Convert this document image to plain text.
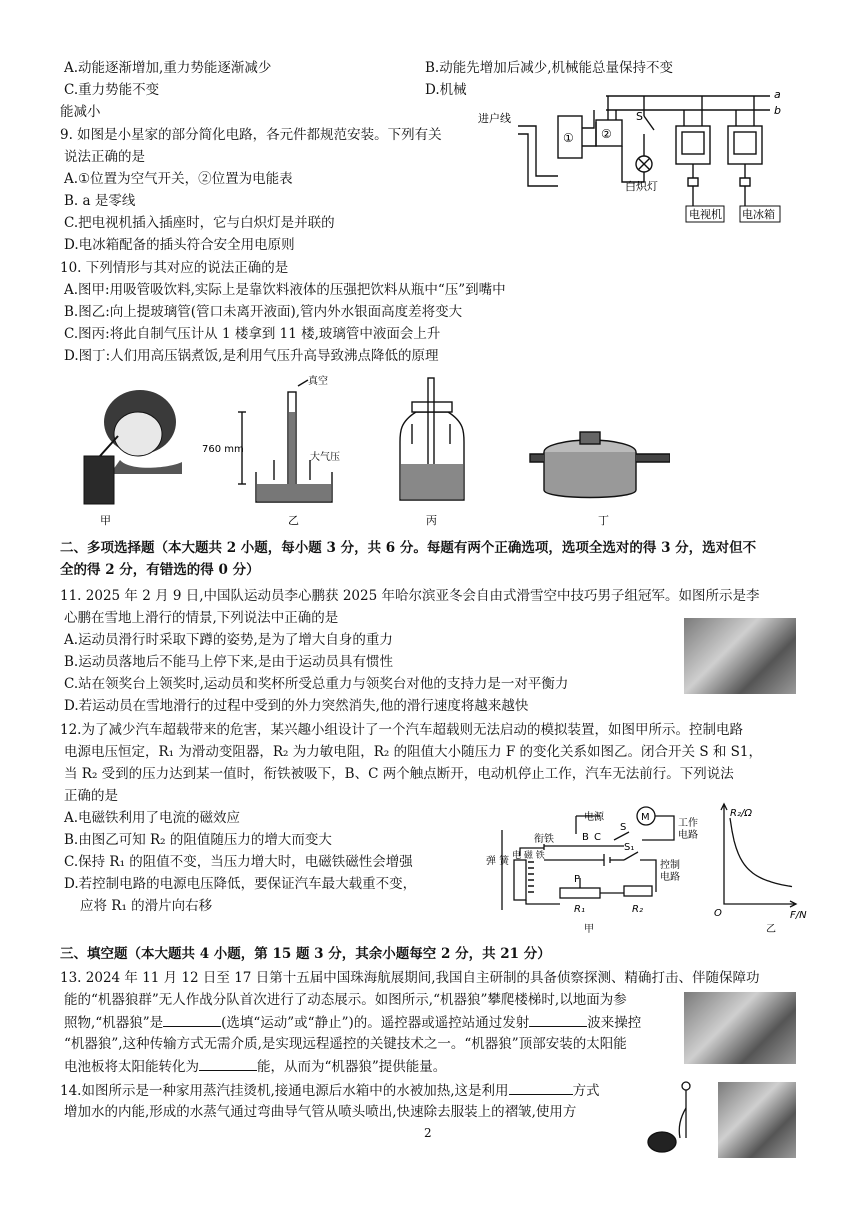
A.动能逐渐增加,重力势能逐渐减少	B.动能先增加后减少,机械能总量保持不变
C.重力势能不变	D.机械
能减小
9. 如图是小星家的部分简化电路，各元件都规范安装。下列有关
说法正确的是
A.①位置为空气开关，②位置为电能表
B. a 是零线
C.把电视机插入插座时，它与白炽灯是并联的
D.电冰箱配备的插头符合安全用电原则
进户线
① ②
S
白炽灯
a
b
电视机 电冰箱
10. 下列情形与其对应的说法正确的是
A.图甲:用吸管吸饮料,实际上是靠饮料液体的压强把饮料从瓶中“压”到嘴中
B.图乙:向上提玻璃管(管口未离开液面),管内外水银面高度差将变大
C.图丙:将此自制气压计从 1 楼拿到 11 楼,玻璃管中液面会上升
D.图丁:人们用高压锅煮饭,是利用气压升高导致沸点降低的原理
甲
真空
760 mm
大气压
乙	丙	丁
二、多项选择题（本大题共 2 小题，每小题 3 分，共 6 分。每题有两个正确选项，选项全选对的得 3 分，选对但不
全的得 2 分，有错选的得 0 分）
11. 2025 年 2 月 9 日,中国队运动员李心鹏获 2025 年哈尔滨亚冬会自由式滑雪空中技巧男子组冠军。如图所示是李
心鹏在雪地上滑行的情景,下列说法中正确的是
A.运动员滑行时采取下蹲的姿势,是为了增大自身的重力
B.运动员落地后不能马上停下来,是由于运动员具有惯性
C.站在领奖台上领奖时,运动员和奖杯所受总重力与领奖台对他的支持力是一对平衡力
D.若运动员在雪地滑行的过程中受到的外力突然消失,他的滑行速度将越来越快
12.为了减少汽车超载带来的危害，某兴趣小组设计了一个汽车超载则无法启动的模拟装置，如图甲所示。控制电路
电源电压恒定，R₁ 为滑动变阻器，R₂ 为力敏电阻，R₂ 的阻值大小随压力 F 的变化关系如图乙。闭合开关 S 和 S1，
当 R₂ 受到的压力达到某一值时，衔铁被吸下，B、C 两个触点断开，电动机停止工作，汽车无法前行。下列说法
正确的是
A.电磁铁利用了电流的磁效应
B.由图乙可知 R₂ 的阻值随压力的增大而变大
C.保持 R₁ 的阻值不变，当压力增大时，电磁铁磁性会增强
D.若控制电路的电源电压降低，要保证汽车最大载重不变，
应将 R₁ 的滑片向右移
电源	M
工作
电路
衔铁	B C
S
S₁
弹 簧 电 磁 铁
控制
电路
P
R₁	R₂
甲
R₂/Ω
O	F/N
乙
三、填空题（本大题共 4 小题，第 15 题 3 分，其余小题每空 2 分，共 21 分）
13. 2024 年 11 月 12 日至 17 日第十五届中国珠海航展期间,我国自主研制的具备侦察探测、精确打击、伴随保障功
能的“机器狼群”无人作战分队首次进行了动态展示。如图所示,“机器狼”攀爬楼梯时,以地面为参
照物,“机器狼”是	(选填“运动”或“静止”)的。遥控器或遥控站通过发射	波来操控
“机器狼”,这种传输方式无需介质,是实现远程遥控的关键技术之一。“机器狼”顶部安装的太阳能
电池板将太阳能转化为	能，从而为“机器狼”提供能量。
14.如图所示是一种家用蒸汽挂烫机,接通电源后水箱中的水被加热,这是利用	方式
增加水的内能,形成的水蒸气通过弯曲导气管从喷头喷出,快速除去服装上的褶皱,使用方
2
